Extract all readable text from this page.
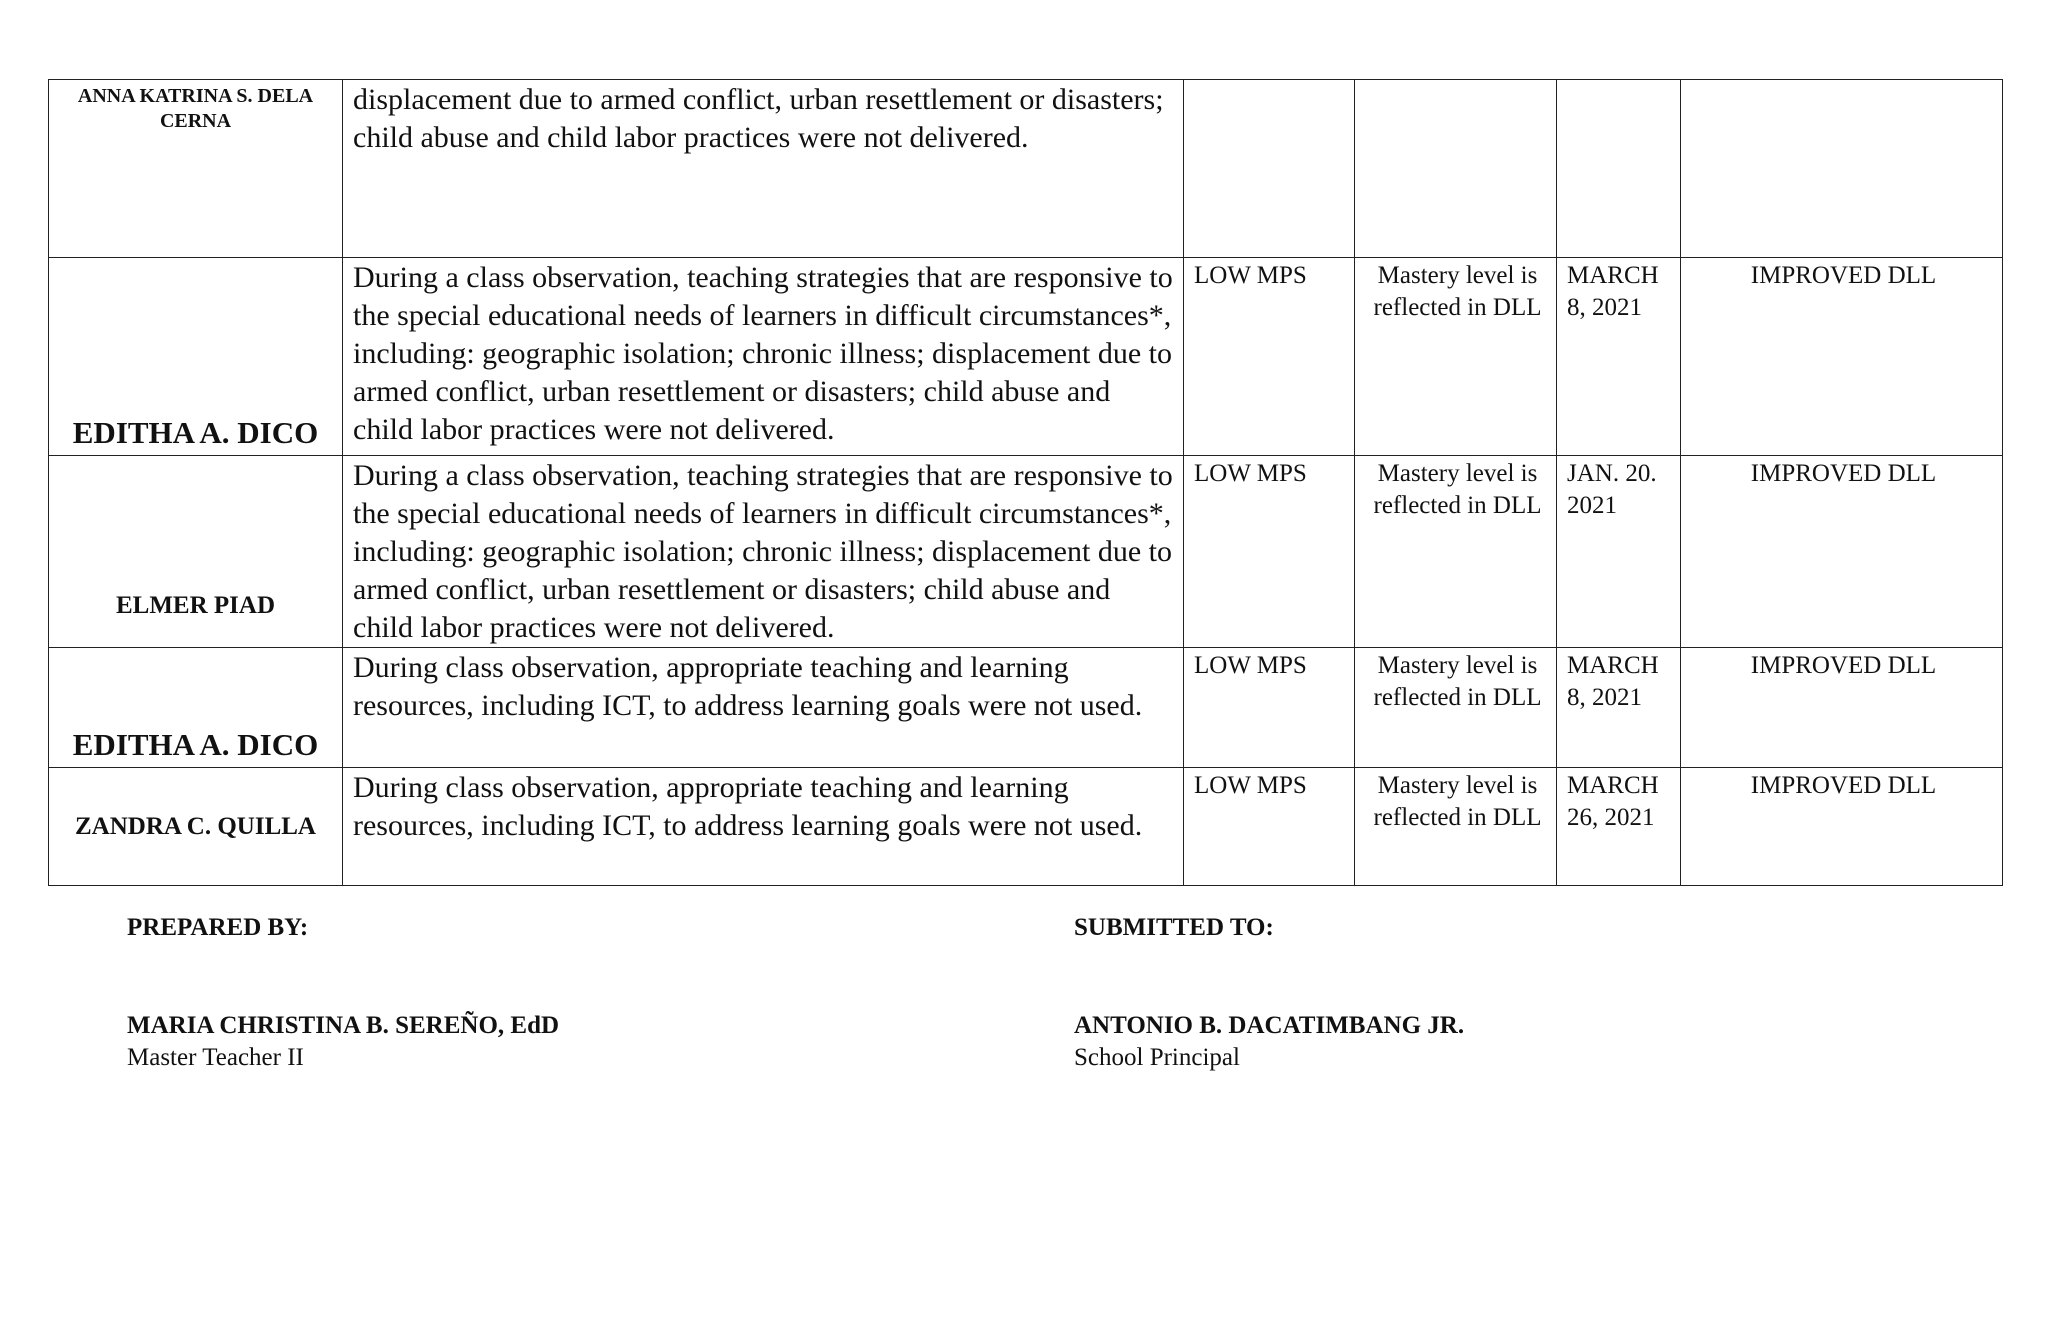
ANNA KATRINA S. DELA CERNA	displacement due to armed conflict, urban resettlement or disasters; child abuse and child labor practices were not delivered.				

EDITHA A. DICO	During a class observation, teaching strategies that are responsive to the special educational needs of learners in difficult circumstances*, including: geographic isolation; chronic illness; displacement due to armed conflict, urban resettlement or disasters; child abuse and child labor practices were not delivered.	LOW MPS	Mastery level is reflected in DLL	MARCH 8, 2021	IMPROVED DLL

ELMER PIAD	During a class observation, teaching strategies that are responsive to the special educational needs of learners in difficult circumstances*, including: geographic isolation; chronic illness; displacement due to armed conflict, urban resettlement or disasters; child abuse and child labor practices were not delivered.	LOW MPS	Mastery level is reflected in DLL	JAN. 20. 2021	IMPROVED DLL

EDITHA A. DICO	During class observation, appropriate teaching and learning resources, including ICT, to address learning goals were not used.	LOW MPS	Mastery level is reflected in DLL	MARCH 8, 2021	IMPROVED DLL

ZANDRA C. QUILLA	During class observation, appropriate teaching and learning resources, including ICT, to address learning goals were not used.	LOW MPS	Mastery level is reflected in DLL	MARCH 26, 2021	IMPROVED DLL
PREPARED BY:
MARIA CHRISTINA B. SEREÑO, EdD
Master Teacher II
SUBMITTED TO:
ANTONIO B. DACATIMBANG JR.
School Principal
